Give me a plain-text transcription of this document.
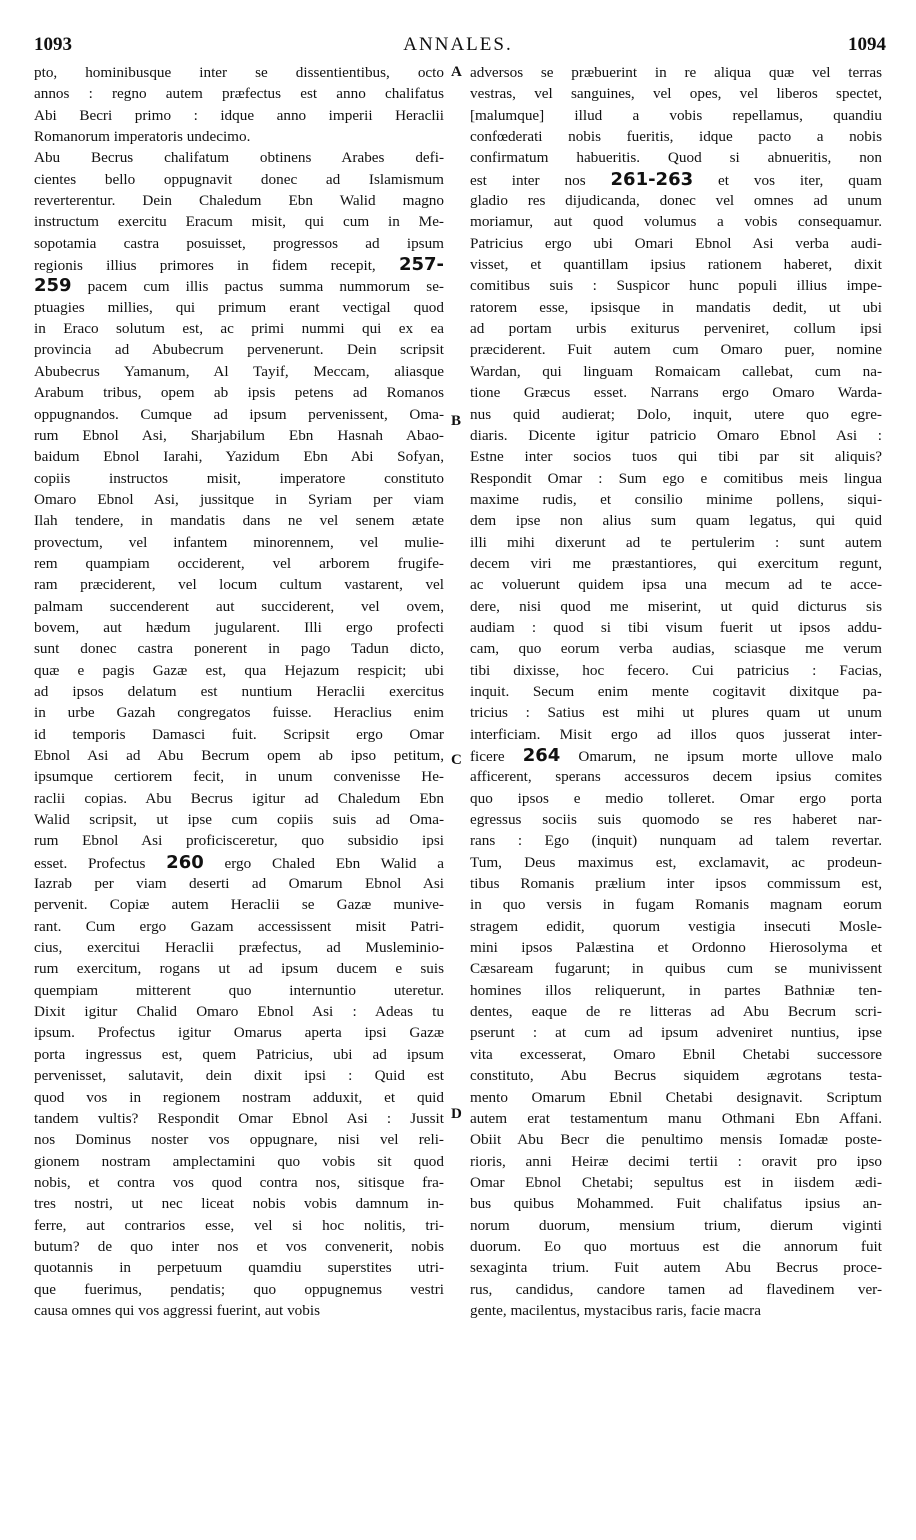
1093	ANNALES.	1094
pto, hominibusque inter se dissentientibus, octo
annos : regno autem præfectus est anno chalifatus
Abi Becri primo : idque anno imperii Heraclii
Romanorum imperatoris undecimo.
Abu Becrus chalifatum obtinens Arabes defi-
cientes bello oppugnavit donec ad Islamismum
reverterentur. Dein Chaledum Ebn Walid magno
instructum exercitu Eracum misit, qui cum in Me-
sopotamia castra posuisset, progressos ad ipsum
regionis illius primores in fidem recepit, 257-
259 pacem cum illis pactus summa nummorum se-
ptuagies millies, qui primum erant vectigal quod
in Eraco solutum est, ac primi nummi qui ex ea
provincia ad Abubecrum pervenerunt. Dein scripsit
Abubecrus Yamanum, Al Tayif, Meccam, aliasque
Arabum tribus, opem ab ipsis petens ad Romanos
oppugnandos. Cumque ad ipsum pervenissent, Oma-
rum Ebnol Asi, Sharjabilum Ebn Hasnah Abao-
baidum Ebnol Iarahi, Yazidum Ebn Abi Sofyan,
copiis instructos misit, imperatore constituto
Omaro Ebnol Asi, jussitque in Syriam per viam
Ilah tendere, in mandatis dans ne vel senem ætate
provectum, vel infantem minorennem, vel mulie-
rem quampiam occiderent, vel arborem frugife-
ram præciderent, vel locum cultum vastarent, vel
palmam succenderent aut succiderent, vel ovem,
bovem, aut hædum jugularent. Illi ergo profecti
sunt donec castra ponerent in pago Tadun dicto,
quæ e pagis Gazæ est, qua Hejazum respicit; ubi
ad ipsos delatum est nuntium Heraclii exercitus
in urbe Gazah congregatos fuisse. Heraclius enim
id temporis Damasci fuit. Scripsit ergo Omar
Ebnol Asi ad Abu Becrum opem ab ipso petitum,
ipsumque certiorem fecit, in unum convenisse He-
raclii copias. Abu Becrus igitur ad Chaledum Ebn
Walid scripsit, ut ipse cum copiis suis ad Oma-
rum Ebnol Asi proficisceretur, quo subsidio ipsi
esset. Profectus 260 ergo Chaled Ebn Walid a
Iazrab per viam deserti ad Omarum Ebnol Asi
pervenit. Copiæ autem Heraclii se Gazæ munive-
rant. Cum ergo Gazam accessissent misit Patri-
cius, exercitui Heraclii præfectus, ad Musleminio-
rum exercitum, rogans ut ad ipsum ducem e suis
quempiam mitterent quo internuntio uteretur.
Dixit igitur Chalid Omaro Ebnol Asi : Adeas tu
ipsum. Profectus igitur Omarus aperta ipsi Gazæ
porta ingressus est, quem Patricius, ubi ad ipsum
pervenisset, salutavit, dein dixit ipsi : Quid est
quod vos in regionem nostram adduxit, et quid
tandem vultis? Respondit Omar Ebnol Asi : Jussit
nos Dominus noster vos oppugnare, nisi vel reli-
gionem nostram amplectamini quo vobis sit quod
nobis, et contra vos quod contra nos, sitisque fra-
tres nostri, ut nec liceat nobis vobis damnum in-
ferre, aut contrarios esse, vel si hoc nolitis, tri-
butum? de quo inter nos et vos convenerit, nobis
quotannis in perpetuum quamdiu superstites utri-
que fuerimus, pendatis; quo oppugnemus vestri
causa omnes qui vos aggressi fuerint, aut vobis
adversos se præbuerint in re aliqua quæ vel terras
vestras, vel sanguines, vel opes, vel liberos spectet,
[malumque] illud a vobis repellamus, quandiu
confœderati nobis fueritis, idque pacto a nobis
confirmatum habueritis. Quod si abnueritis, non
est inter nos 261-263 et vos iter, quam
gladio res dijudicanda, donec vel omnes ad unum
moriamur, aut quod volumus a vobis consequamur.
Patricius ergo ubi Omari Ebnol Asi verba audi-
visset, et quantillam ipsius rationem haberet, dixit
comitibus suis : Suspicor hunc populi illius impe-
ratorem esse, ipsisque in mandatis dedit, ut ubi
ad portam urbis exiturus perveniret, collum ipsi
præciderent. Fuit autem cum Omaro puer, nomine
Wardan, qui linguam Romaicam callebat, cum na-
tione Græcus esset. Narrans ergo Omaro Warda-
nus quid audierat; Dolo, inquit, utere quo egre-
diaris. Dicente igitur patricio Omaro Ebnol Asi :
Estne inter socios tuos qui tibi par sit aliquis?
Respondit Omar : Sum ego e comitibus meis lingua
maxime rudis, et consilio minime pollens, siqui-
dem ipse non alius sum quam legatus, qui quid
illi mihi dixerunt ad te pertulerim : sunt autem
decem viri me præstantiores, qui exercitum regunt,
ac voluerunt quidem ipsa una mecum ad te acce-
dere, nisi quod me miserint, ut quid dicturus sis
audiam : quod si tibi visum fuerit ut ipsos addu-
cam, quo eorum verba audias, sciasque me verum
tibi dixisse, hoc fecero. Cui patricius : Facias,
inquit. Secum enim mente cogitavit dixitque pa-
tricius : Satius est mihi ut plures quam ut unum
interficiam. Misit ergo ad illos quos jusserat inter-
ficere 264 Omarum, ne ipsum morte ullove malo
afficerent, sperans accessuros decem ipsius comites
quo ipsos e medio tolleret. Omar ergo porta
egressus sociis suis quomodo se res haberet nar-
rans : Ego (inquit) nunquam ad talem revertar.
Tum, Deus maximus est, exclamavit, ac prodeun-
tibus Romanis prælium inter ipsos commissum est,
in quo versis in fugam Romanis magnam eorum
stragem edidit, quorum vestigia insecuti Mosle-
mini ipsos Palæstina et Ordonno Hierosolyma et
Cæsaream fugarunt; in quibus cum se munivissent
homines illos reliquerunt, in partes Bathniæ ten-
dentes, eaque de re litteras ad Abu Becrum scri-
pserunt : at cum ad ipsum adveniret nuntius, ipse
vita excesserat, Omaro Ebnil Chetabi successore
constituto, Abu Becrus siquidem ægrotans testa-
mento Omarum Ebnil Chetabi designavit. Scriptum
autem erat testamentum manu Othmani Ebn Affani.
Obiit Abu Becr die penultimo mensis Iomadæ poste-
rioris, anni Heiræ decimi tertii : oravit pro ipso
Omar Ebnol Chetabi; sepultus est in iisdem ædi-
bus quibus Mohammed. Fuit chalifatus ipsius an-
norum duorum, mensium trium, dierum viginti
duorum. Eo quo mortuus est die annorum fuit
sexaginta trium. Fuit autem Abu Becrus proce-
rus, candidus, candore tamen ad flavedinem ver-
gente, macilentus, mystacibus raris, facie macra
A
B
C
D
